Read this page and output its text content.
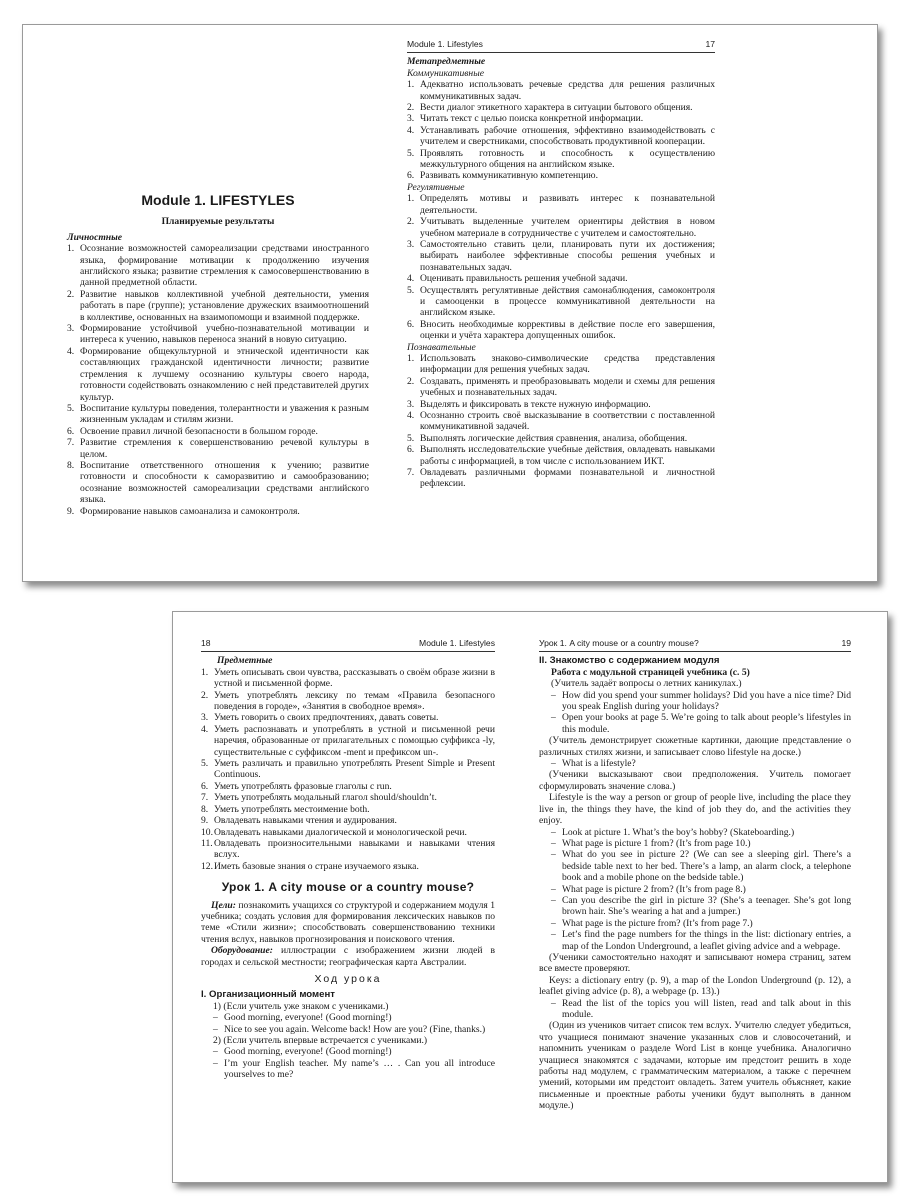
Module 1. LIFESTYLES
Планируемые результаты
Личностные
1. Осознание возможностей самореализации средствами иностранного языка, формирование мотивации к продолжению изучения английского языка; развитие стремления к самосовершенствованию в данной предметной области.
2. Развитие навыков коллективной учебной деятельности, умения работать в паре (группе); установление дружеских взаимоотношений в коллективе, основанных на взаимопомощи и взаимной поддержке.
3. Формирование устойчивой учебно-познавательной мотивации и интереса к учению, навыков переноса знаний в новую ситуацию.
4. Формирование общекультурной и этнической идентичности как составляющих гражданской идентичности личности; развитие стремления к лучшему осознанию культуры своего народа, готовности содействовать ознакомлению с ней представителей других культур.
5. Воспитание культуры поведения, толерантности и уважения к разным жизненным укладам и стилям жизни.
6. Освоение правил личной безопасности в большом городе.
7. Развитие стремления к совершенствованию речевой культуры в целом.
8. Воспитание ответственного отношения к учению; развитие готовности и способности к саморазвитию и самообразованию; осознание возможностей самореализации средствами английского языка.
9. Формирование навыков самоанализа и самоконтроля.
Module 1. Lifestyles	17
Метапредметные
Коммуникативные
1. Адекватно использовать речевые средства для решения различных коммуникативных задач.
2. Вести диалог этикетного характера в ситуации бытового общения.
3. Читать текст с целью поиска конкретной информации.
4. Устанавливать рабочие отношения, эффективно взаимодействовать с учителем и сверстниками, способствовать продуктивной кооперации.
5. Проявлять готовность и способность к осуществлению межкультурного общения на английском языке.
6. Развивать коммуникативную компетенцию.
Регулятивные
1. Определять мотивы и развивать интерес к познавательной деятельности.
2. Учитывать выделенные учителем ориентиры действия в новом учебном материале в сотрудничестве с учителем и самостоятельно.
3. Самостоятельно ставить цели, планировать пути их достижения; выбирать наиболее эффективные способы решения учебных и познавательных задач.
4. Оценивать правильность решения учебной задачи.
5. Осуществлять регулятивные действия самонаблюдения, самоконтроля и самооценки в процессе коммуникативной деятельности на английском языке.
6. Вносить необходимые коррективы в действие после его завершения, оценки и учёта характера допущенных ошибок.
Познавательные
1. Использовать знаково-символические средства представления информации для решения учебных задач.
2. Создавать, применять и преобразовывать модели и схемы для решения учебных и познавательных задач.
3. Выделять и фиксировать в тексте нужную информацию.
4. Осознанно строить своё высказывание в соответствии с поставленной коммуникативной задачей.
5. Выполнять логические действия сравнения, анализа, обобщения.
6. Выполнять исследовательские учебные действия, овладевать навыками работы с информацией, в том числе с использованием ИКТ.
7. Овладевать различными формами познавательной и личностной рефлексии.
18	Module 1. Lifestyles
Предметные
1. Уметь описывать свои чувства, рассказывать о своём образе жизни в устной и письменной форме.
2. Уметь употреблять лексику по темам «Правила безопасного поведения в городе», «Занятия в свободное время».
3. Уметь говорить о своих предпочтениях, давать советы.
4. Уметь распознавать и употреблять в устной и письменной речи наречия, образованные от прилагательных с помощью суффикса -ly, существительные с суффиксом -ment и префиксом un-.
5. Уметь различать и правильно употреблять Present Simple и Present Continuous.
6. Уметь употреблять фразовые глаголы с run.
7. Уметь употреблять модальный глагол should/shouldn’t.
8. Уметь употреблять местоимение both.
9. Овладевать навыками чтения и аудирования.
10. Овладевать навыками диалогической и монологической речи.
11. Овладевать произносительными навыками и навыками чтения вслух.
12. Иметь базовые знания о стране изучаемого языка.
Урок 1. A city mouse or a country mouse?
Цели: познакомить учащихся со структурой и содержанием модуля 1 учебника; создать условия для формирования лексических навыков по теме «Стили жизни»; способствовать совершенствованию техники чтения вслух, навыков прогнозирования и поискового чтения.
Оборудование: иллюстрации с изображением жизни людей в городах и сельской местности; географическая карта Австралии.
Ход урока
I. Организационный момент
1) (Если учитель уже знаком с учениками.)
– Good morning, everyone! (Good morning!)
– Nice to see you again. Welcome back! How are you? (Fine, thanks.)
2) (Если учитель впервые встречается с учениками.)
– Good morning, everyone! (Good morning!)
– I’m your English teacher. My name’s … . Can you all introduce yourselves to me?
Урок 1. A city mouse or a country mouse?	19
II. Знакомство с содержанием модуля
Работа с модульной страницей учебника (с. 5)
(Учитель задаёт вопросы о летних каникулах.)
– How did you spend your summer holidays? Did you have a nice time? Did you speak English during your holidays?
– Open your books at page 5. We’re going to talk about people’s lifestyles in this module.
(Учитель демонстрирует сюжетные картинки, дающие представление о различных стилях жизни, и записывает слово lifestyle на доске.)
– What is a lifestyle?
(Ученики высказывают свои предположения. Учитель помогает сформулировать значение слова.)
Lifestyle is the way a person or group of people live, including the place they live in, the things they have, the kind of job they do, and the activities they enjoy.
– Look at picture 1. What’s the boy’s hobby? (Skateboarding.)
– What page is picture 1 from? (It’s from page 10.)
– What do you see in picture 2? (We can see a sleeping girl. There’s a bedside table next to her bed. There’s a lamp, an alarm clock, a telephone book and a mobile phone on the bedside table.)
– What page is picture 2 from? (It’s from page 8.)
– Can you describe the girl in picture 3? (She’s a teenager. She’s got long brown hair. She’s wearing a hat and a jumper.)
– What page is the picture from? (It’s from page 7.)
– Let’s find the page numbers for the things in the list: dictionary entries, a map of the London Underground, a leaflet giving advice and a webpage.
(Ученики самостоятельно находят и записывают номера страниц, затем все вместе проверяют.
Keys: a dictionary entry (p. 9), a map of the London Underground (p. 12), a leaflet giving advice (p. 8), a webpage (p. 13).)
– Read the list of the topics you will listen, read and talk about in this module.
(Один из учеников читает список тем вслух. Учителю следует убедиться, что учащиеся понимают значение указанных слов и словосочетаний, и напомнить ученикам о разделе Word List в конце учебника. Аналогично учащиеся знакомятся с задачами, которые им предстоит решить в ходе работы над модулем, с грамматическим материалом, а также с перечнем умений, которыми им предстоит овладеть. Затем учитель объясняет, какие письменные и проектные работы ученики будут выполнять в данном модуле.)
